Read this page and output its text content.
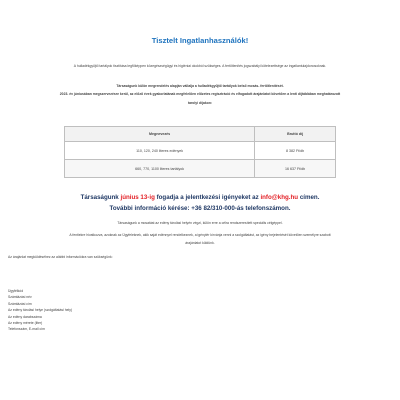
Tisztelt Ingatlanhasználók!

A hulladékgyűjtő tartályok tisztítása legfőképpen közegészségügyi és higiéniai okokból szükséges. A fertőtlenítés jogszabályi kötelezettsége az ingatlantulajdonosoknak.

Társaságunk külön megrendelés alapján vállalja a hulladékgyűjtő tartályok belső mosás- fertőtlenítését.

2023. év júniusában megszervezésre kerül, az előző évek gyakorlatának megfelelően előzetes regisztráció és elfogadott árajánlatot követően a lenti díjtáblában meghatározott

tarolyi díjakon:

Megnevezés	Bruttó díj
110, 120, 240 literes edények	8 382 Ft/db
660, 770, 1100 literes tartályok	16 637 Ft/db
Társaságunk június 13-ig fogadja a jelentkezési igényeket az info@khg.hu címen.
További információ kérése: +36 82/310-000-ás telefonszámon.

Társaságunk a mosatást az edény tárolási helyén végzi, külön erre a célra rendszeresített speciális célgéppel.

A fentiekre hivatkozva, azoknak az Ügyfeleknek, akik saját edénnyel rendelkeznek, a igénylér kírvánja venni a szolgáltatást, az igény bejelentését követően személyre szabott

árajánlatot küldünk.

Az árajánlat megküldéséhez az alábbi információkra van szükségünk:

Ügyfélkód
Számlázási név
Számlázási cím
Az edény tárolási helye (szolgáltatási hely)
Az edény darabszáma
Az edény mérete (liter)
Telefonszám, E-mail cím
